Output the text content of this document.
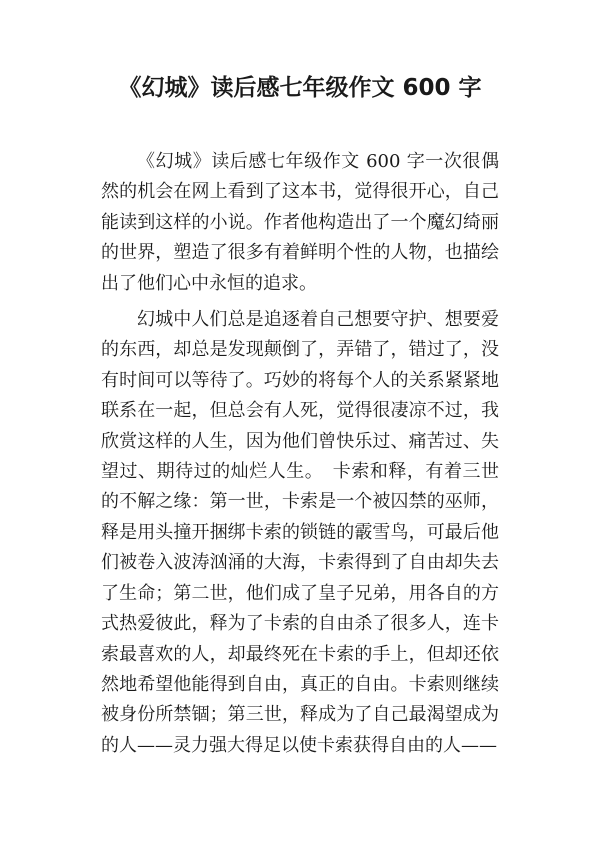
《幻城》读后感七年级作文 600 字

《幻城》读后感七年级作文 600 字一次很偶然的机会在网上看到了这本书，觉得很开心，自己能读到这样的小说。作者他构造出了一个魔幻绮丽的世界，塑造了很多有着鲜明个性的人物，也描绘出了他们心中永恒的追求。

幻城中人们总是追逐着自己想要守护、想要爱的东西，却总是发现颠倒了，弄错了，错过了，没有时间可以等待了。巧妙的将每个人的关系紧紧地联系在一起，但总会有人死，觉得很凄凉不过，我欣赏这样的人生，因为他们曾快乐过、痛苦过、失望过、期待过的灿烂人生。　卡索和释，有着三世的不解之缘：第一世，卡索是一个被囚禁的巫师，释是用头撞开捆绑卡索的锁链的霰雪鸟，可最后他们被卷入波涛汹涌的大海，卡索得到了自由却失去了生命；第二世，他们成了皇子兄弟，用各自的方式热爱彼此，释为了卡索的自由杀了很多人，连卡索最喜欢的人，却最终死在卡索的手上，但却还依然地希望他能得到自由，真正的自由。卡索则继续被身份所禁锢；第三世，释成为了自己最渴望成为的人——灵力强大得足以使卡索获得自由的人——
